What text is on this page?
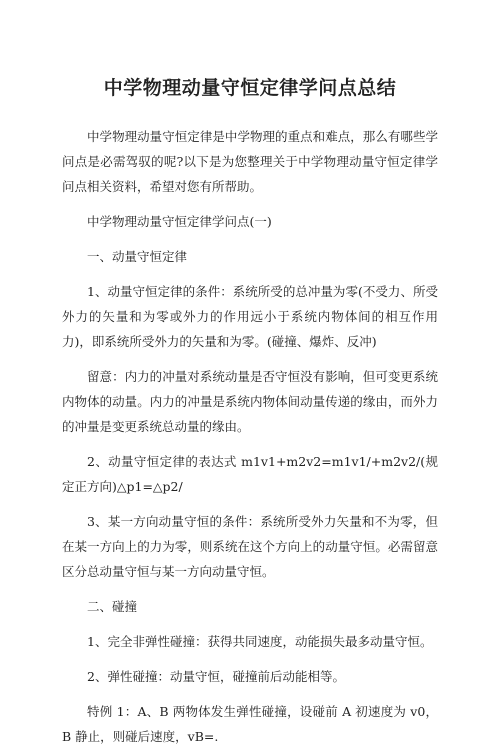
中学物理动量守恒定律学问点总结

中学物理动量守恒定律是中学物理的重点和难点，那么有哪些学问点是必需驾驭的呢?以下是为您整理关于中学物理动量守恒定律学问点相关资料，希望对您有所帮助。

中学物理动量守恒定律学问点(一)

一、动量守恒定律

1、动量守恒定律的条件：系统所受的总冲量为零(不受力、所受外力的矢量和为零或外力的作用远小于系统内物体间的相互作用力)，即系统所受外力的矢量和为零。(碰撞、爆炸、反冲)

留意：内力的冲量对系统动量是否守恒没有影响，但可变更系统内物体的动量。内力的冲量是系统内物体间动量传递的缘由，而外力的冲量是变更系统总动量的缘由。

2、动量守恒定律的表达式 m1v1+m2v2=m1v1/+m2v2/(规定正方向)△p1=△p2/

3、某一方向动量守恒的条件：系统所受外力矢量和不为零，但在某一方向上的力为零，则系统在这个方向上的动量守恒。必需留意区分总动量守恒与某一方向动量守恒。

二、碰撞

1、完全非弹性碰撞：获得共同速度，动能损失最多动量守恒。

2、弹性碰撞：动量守恒，碰撞前后动能相等。

特例 1：A、B 两物体发生弹性碰撞，设碰前 A 初速度为 v0，B 静止，则碰后速度，vB=.
